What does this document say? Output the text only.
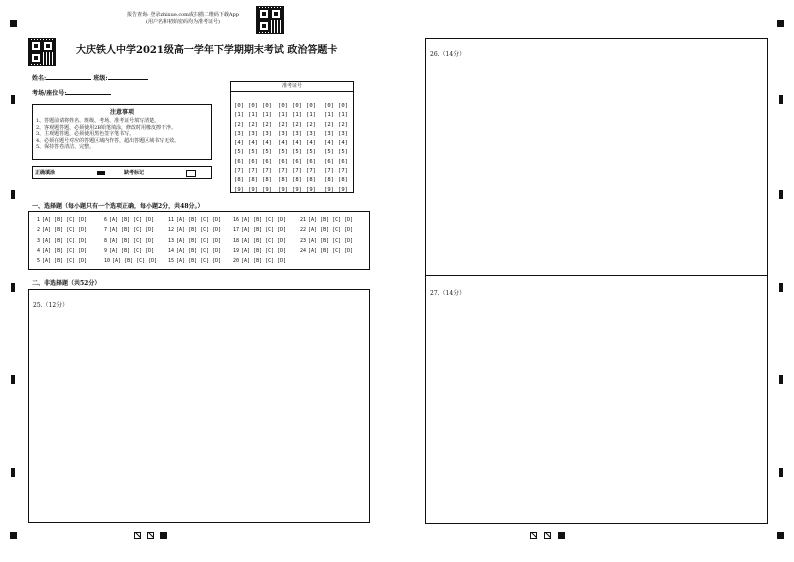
报告查询: 登录zhixue.com或扫描二维码下载App
(用户名和初始密码均为准考证号)
大庆铁人中学2021级高一学年下学期期末考试 政治答题卡
姓名:	班级:
考场/座位号:
准考证号
[0]
[1]
[2]
[3]
[4]
[5]
[6]
[7]
[8]
[9]
[0]
[1]
[2]
[3]
[4]
[5]
[6]
[7]
[8]
[9]
[0]
[1]
[2]
[3]
[4]
[5]
[6]
[7]
[8]
[9]
[0]
[1]
[2]
[3]
[4]
[5]
[6]
[7]
[8]
[9]
[0]
[1]
[2]
[3]
[4]
[5]
[6]
[7]
[8]
[9]
[0]
[1]
[2]
[3]
[4]
[5]
[6]
[7]
[8]
[9]
[0]
[1]
[2]
[3]
[4]
[5]
[6]
[7]
[8]
[9]
[0]
[1]
[2]
[3]
[4]
[5]
[6]
[7]
[8]
[9]
注意事项
1、答题前请将姓名、班级、考场、准考证号填写清楚。
2、客观题答题，必须使用2B铅笔填涂，修改时用橡皮擦干净。
3、主观题答题，必须使用黑色签字笔书写。
4、必须在题号对应的答题区域内作答，超出答题区域书写无效。
5、保持答卷清洁、完整。
正确填涂	缺考标记
一、选择题（每小题只有一个选项正确，每小题2分，共48分。）
1 [A] [B] [C] [D]
2 [A] [B] [C] [D]
3 [A] [B] [C] [D]
4 [A] [B] [C] [D]
5 [A] [B] [C] [D]
6 [A] [B] [C] [D]
7 [A] [B] [C] [D]
8 [A] [B] [C] [D]
9 [A] [B] [C] [D]
10 [A] [B] [C] [D]
11 [A] [B] [C] [D]
12 [A] [B] [C] [D]
13 [A] [B] [C] [D]
14 [A] [B] [C] [D]
15 [A] [B] [C] [D]
16 [A] [B] [C] [D]
17 [A] [B] [C] [D]
18 [A] [B] [C] [D]
19 [A] [B] [C] [D]
20 [A] [B] [C] [D]
21 [A] [B] [C] [D]
22 [A] [B] [C] [D]
23 [A] [B] [C] [D]
24 [A] [B] [C] [D]
二、非选择题（共52分）
25.（12分）
26.（14分）
27.（14分）
